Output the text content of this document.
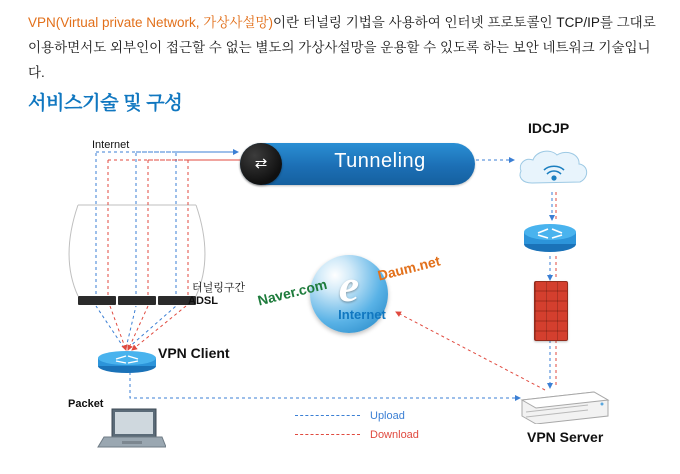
VPN(Virtual private Network, 가상사설망)이란 터널링 기법을 사용하여 인터넷 프로토콜인 TCP/IP를 그대로 이용하면서도 외부인이 접근할 수 없는 별도의 가상사설망을 운용할 수 있도록 하는 보안 네트워크 기술입니다.
서비스기술 및 구성
⇄	Tunneling
e
Internet
IDCJP
Internet
터널링구간
ADSL
VPN Client
Packet
VPN Server
Naver.com
Daum.net
Upload
Download
